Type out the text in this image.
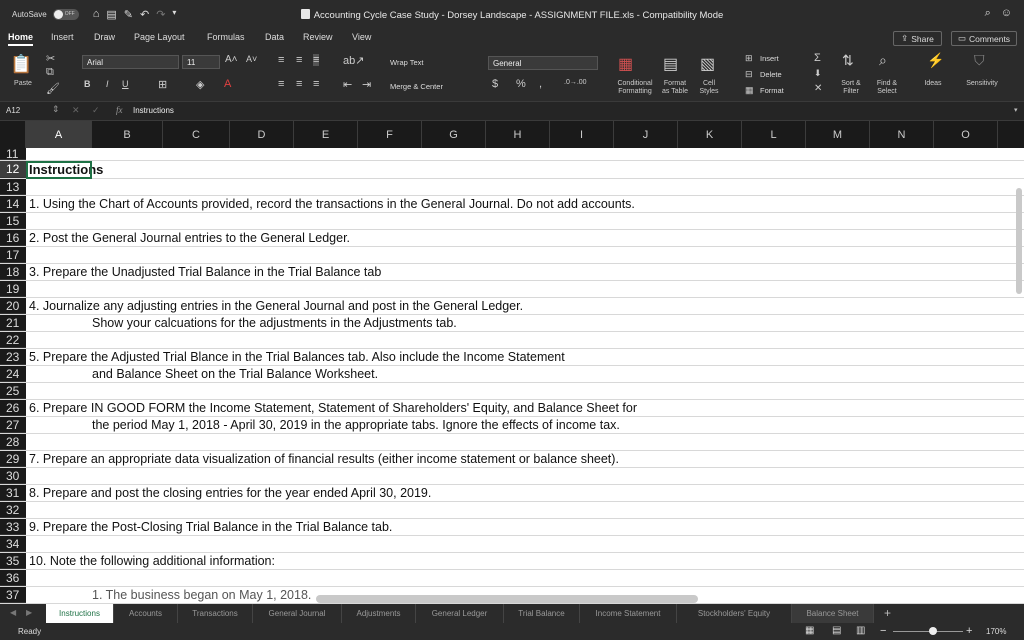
AutoSave	OFF ⌂ ▤ ✎ ↶ ↷ ▾	Accounting Cycle Case Study - Dorsey Landscape - ASSIGNMENT FILE.xls - Compatibility Mode	⌕ ☺
Home Insert Draw Page Layout Formulas Data Review View	⇪ Share	▭ Comments
📋
Paste
✂
⧉
🖌
Arial	11	A˄ A˅
B I U	⊞	◈ A
≡ ≡ ≡
≡ ≡ ≡
ab↗
⇤ ⇥
Wrap Text
Merge & Center
General
$ % ,	.0→.00
▦
Conditional
Formatting
▤
Format
as Table
▧
Cell
Styles
⊞ Insert
⊟ Delete
▦ Format
Σ
⬇
✕
⇅
Sort &
Filter
⌕
Find &
Select
⚡
Ideas
⛉
Sensitivity
A12	⇕ ✕ ✓ fx Instructions	▾
A	B	C	D	E	F	G	H	I	J	K	L	M	N	O
11
12 Instructions
13
14 1. Using the Chart of Accounts provided, record the transactions in the General Journal. Do not add accounts.
15
16 2. Post the General Journal entries to the General Ledger.
17
18 3. Prepare the Unadjusted Trial Balance in the Trial Balance tab
19
20 4. Journalize any adjusting entries in the General Journal and post in the General Ledger.
21	Show your calcuations for the adjustments in the Adjustments tab.
22
23 5. Prepare the Adjusted Trial Blance in the Trial Balances tab. Also include the Income Statement
24	and Balance Sheet on the Trial Balance Worksheet.
25
26 6. Prepare IN GOOD FORM the Income Statement, Statement of Shareholders' Equity, and Balance Sheet for
27	the period May 1, 2018 - April 30, 2019 in the appropriate tabs. Ignore the effects of income tax.
28
29 7. Prepare an appropriate data visualization of financial results (either income statement or balance sheet).
30
31 8. Prepare and post the closing entries for the year ended April 30, 2019.
32
33 9. Prepare the Post-Closing Trial Balance in the Trial Balance tab.
34
35 10. Note the following additional information:
36
37	1. The business began on May 1, 2018.
◀ ▶	Instructions	Accounts	Transactions	General Journal	Adjustments	General Ledger	Trial Balance	Income Statement	Stockholders' Equity	Balance Sheet	+
Ready	▦ ▤ ▥ −	+ 170%
